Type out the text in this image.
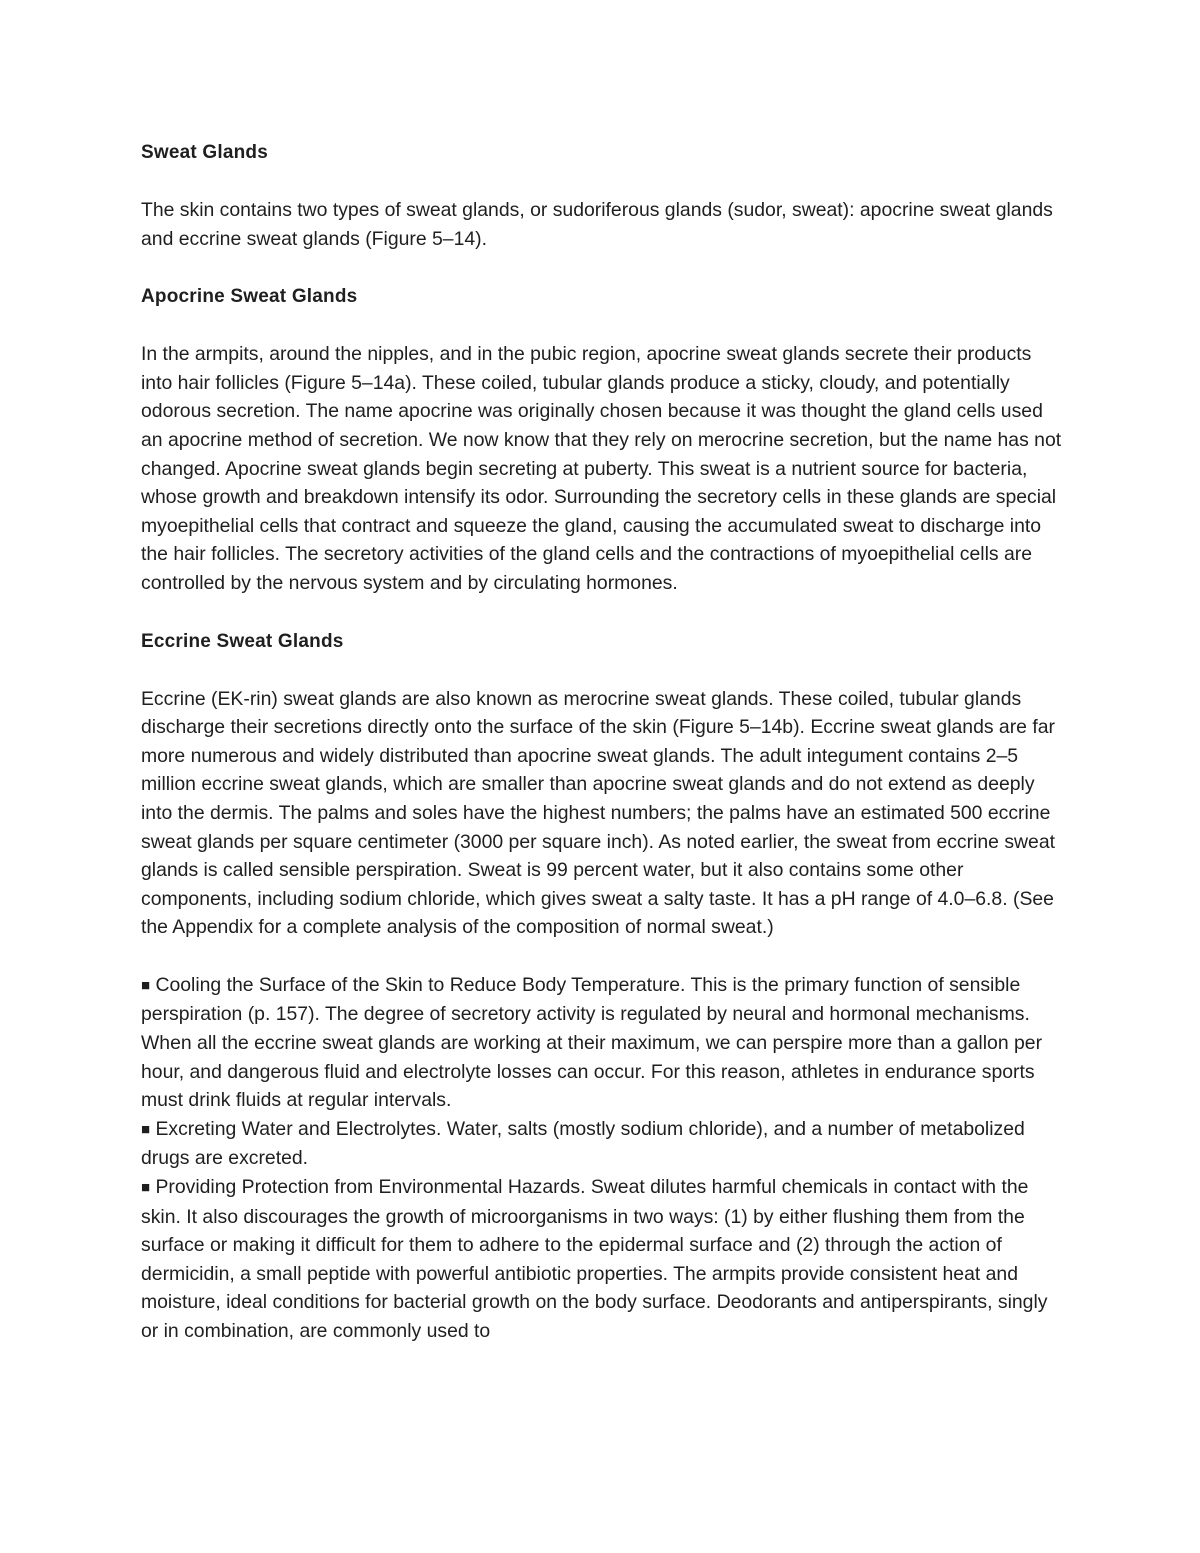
Sweat Glands

The skin contains two types of sweat glands, or sudoriferous glands (sudor, sweat): apocrine sweat glands and eccrine sweat glands (Figure 5–14).

Apocrine Sweat Glands

In the armpits, around the nipples, and in the pubic region, apocrine sweat glands secrete their products into hair follicles (Figure 5–14a). These coiled, tubular glands produce a sticky, cloudy, and potentially odorous secretion. The name apocrine was originally chosen because it was thought the gland cells used an apocrine method of secretion. We now know that they rely on merocrine secretion, but the name has not changed. Apocrine sweat glands begin secreting at puberty. This sweat is a nutrient source for bacteria, whose growth and breakdown intensify its odor. Surrounding the secretory cells in these glands are special myoepithelial cells that contract and squeeze the gland, causing the accumulated sweat to discharge into the hair follicles. The secretory activities of the gland cells and the contractions of myoepithelial cells are controlled by the nervous system and by circulating hormones.

Eccrine Sweat Glands

Eccrine (EK-rin) sweat glands are also known as merocrine sweat glands. These coiled, tubular glands discharge their secretions directly onto the surface of the skin (Figure 5–14b). Eccrine sweat glands are far more numerous and widely distributed than apocrine sweat glands. The adult integument contains 2–5 million eccrine sweat glands, which are smaller than apocrine sweat glands and do not extend as deeply into the dermis. The palms and soles have the highest numbers; the palms have an estimated 500 eccrine sweat glands per square centimeter (3000 per square inch). As noted earlier, the sweat from eccrine sweat glands is called sensible perspiration. Sweat is 99 percent water, but it also contains some other components, including sodium chloride, which gives sweat a salty taste. It has a pH range of 4.0–6.8. (See the Appendix for a complete analysis of the composition of normal sweat.)

■ Cooling the Surface of the Skin to Reduce Body Temperature. This is the primary function of sensible perspiration (p. 157). The degree of secretory activity is regulated by neural and hormonal mechanisms. When all the eccrine sweat glands are working at their maximum, we can perspire more than a gallon per hour, and dangerous fluid and electrolyte losses can occur. For this reason, athletes in endurance sports must drink fluids at regular intervals.

■ Excreting Water and Electrolytes. Water, salts (mostly sodium chloride), and a number of metabolized drugs are excreted.

■ Providing Protection from Environmental Hazards. Sweat dilutes harmful chemicals in contact with the skin. It also discourages the growth of microorganisms in two ways: (1) by either flushing them from the surface or making it difficult for them to adhere to the epidermal surface and (2) through the action of dermicidin, a small peptide with powerful antibiotic properties. The armpits provide consistent heat and moisture, ideal conditions for bacterial growth on the body surface. Deodorants and antiperspirants, singly or in combination, are commonly used to
